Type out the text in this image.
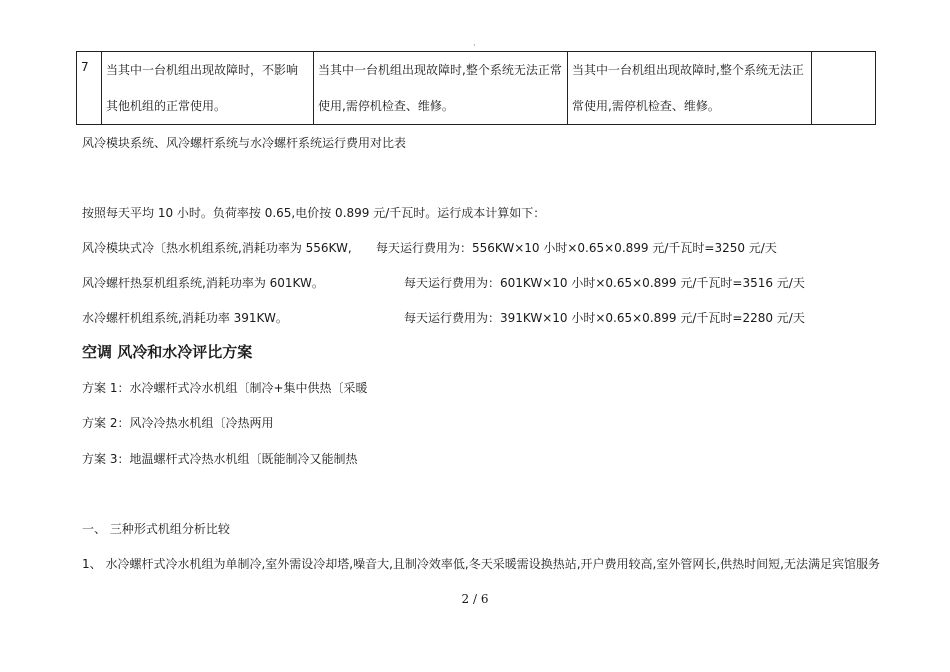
·
7	当其中一台机组出现故障时，不影响其他机组的正常使用。	当其中一台机组出现故障时,整个系统无法正常使用,需停机检查、维修。	当其中一台机组出现故障时,整个系统无法正常使用,需停机检查、维修。	
风冷模块系统、风冷螺杆系统与水冷螺杆系统运行费用对比表
按照每天平均 10 小时。负荷率按 0.65,电价按 0.899 元/千瓦时。运行成本计算如下：
风冷模块式冷〔热水机组系统,消耗功率为 556KW, 每天运行费用为：556KW×10 小时×0.65×0.899 元/千瓦时=3250 元/天
风冷螺杆热泵机组系统,消耗功率为 601KW。	每天运行费用为：601KW×10 小时×0.65×0.899 元/千瓦时=3516 元/天
水冷螺杆机组系统,消耗功率 391KW。	每天运行费用为：391KW×10 小时×0.65×0.899 元/千瓦时=2280 元/天
空调 风冷和水冷评比方案
方案 1：水冷螺杆式冷水机组〔制冷+集中供热〔采暖
方案 2：风冷冷热水机组〔冷热两用
方案 3：地温螺杆式冷热水机组〔既能制冷又能制热
一、 三种形式机组分析比较
1、 水冷螺杆式冷水机组为单制冷,室外需设冷却塔,噪音大,且制冷效率低,冬天采暖需设换热站,开户费用较高,室外管网长,供热时间短,无法满足宾馆服务
2 / 6
